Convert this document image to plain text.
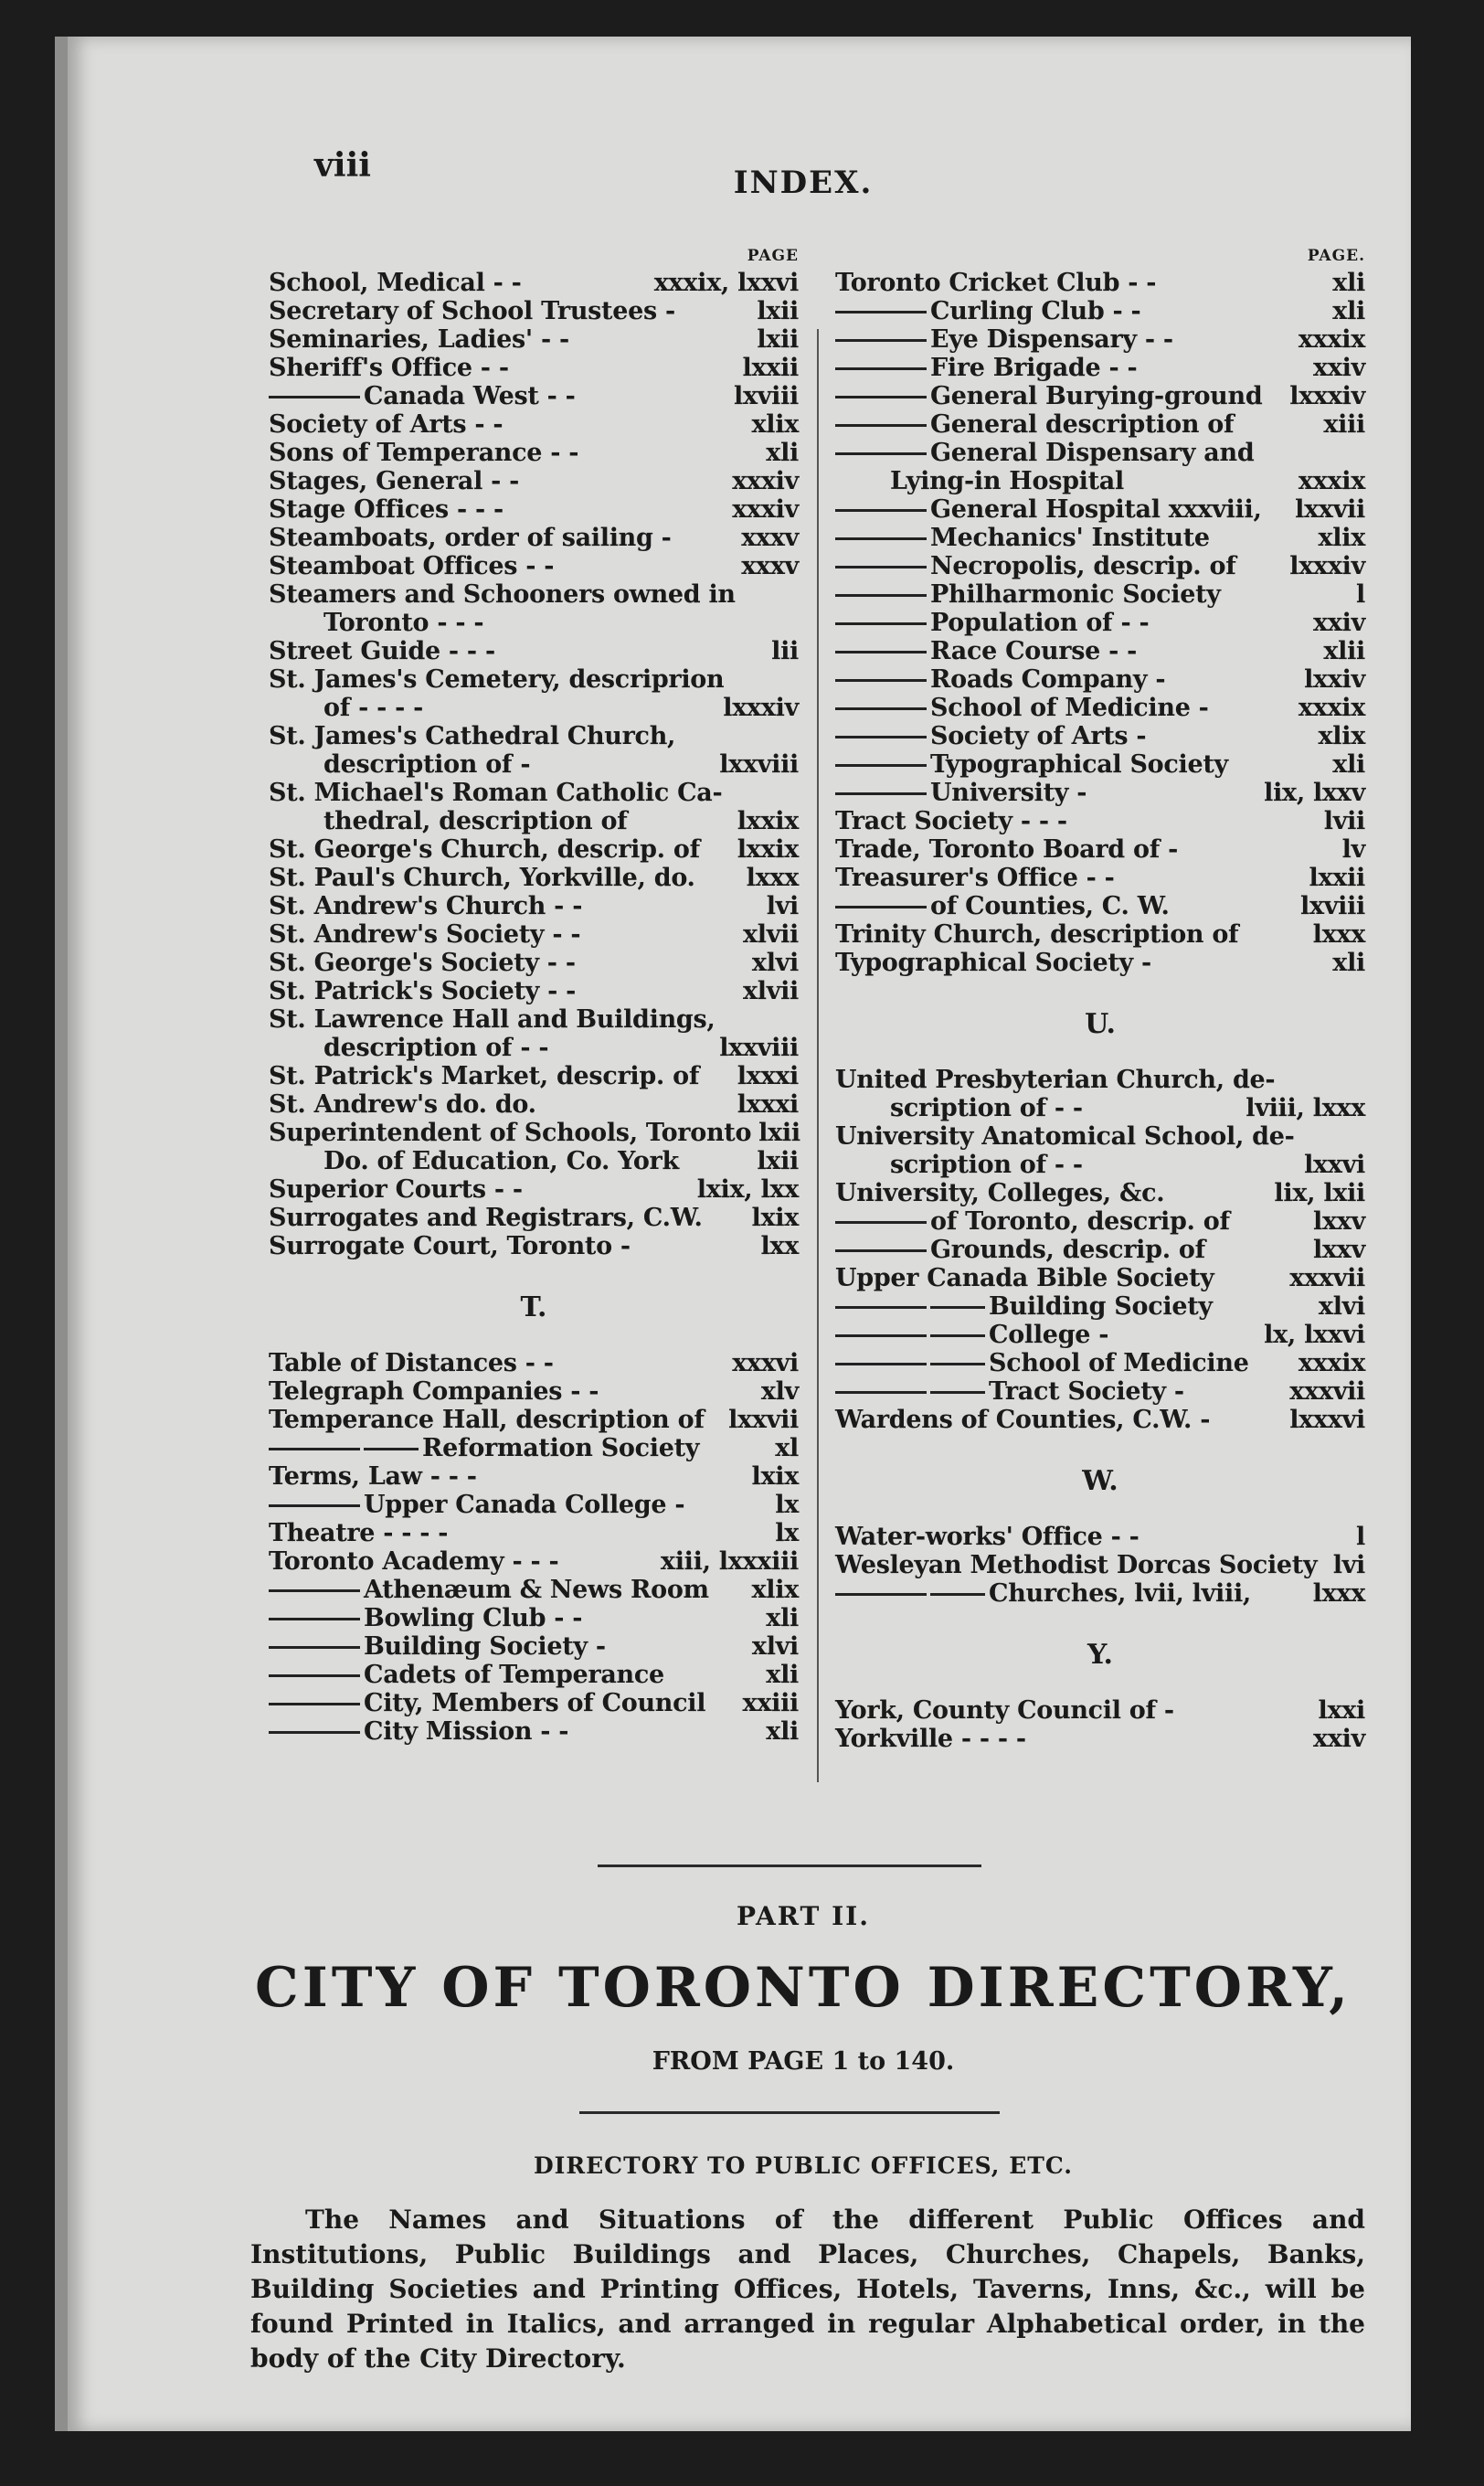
viii	INDEX.
PAGE
School, Medical - -	xxxix, lxxvi
Secretary of School Trustees -	lxii
Seminaries, Ladies' - -	lxii
Sheriff's Office - -	lxxii
Canada West - -	lxviii
Society of Arts - -	xlix
Sons of Temperance - -	xli
Stages, General - -	xxxiv
Stage Offices - - -	xxxiv
Steamboats, order of sailing -	xxxv
Steamboat Offices - -	xxxv
Steamers and Schooners owned in
Toronto - - -
Street Guide - - -	lii
St. James's Cemetery, descriprion
of - - - -	lxxxiv
St. James's Cathedral Church,
description of -	lxxviii
St. Michael's Roman Catholic Ca-
thedral, description of	lxxix
St. George's Church, descrip. of	lxxix
St. Paul's Church, Yorkville, do.	lxxx
St. Andrew's Church - -	lvi
St. Andrew's Society - -	xlvii
St. George's Society - -	xlvi
St. Patrick's Society - -	xlvii
St. Lawrence Hall and Buildings,
description of - -	lxxviii
St. Patrick's Market, descrip. of	lxxxi
St. Andrew's do. do.	lxxxi
Superintendent of Schools, Toronto lxii
Do. of Education, Co. York	lxii
Superior Courts - -	lxix, lxx
Surrogates and Registrars, C.W.	lxix
Surrogate Court, Toronto -	lxx
T.
Table of Distances - -	xxxvi
Telegraph Companies - -	xlv
Temperance Hall, description of lxxvii
Reformation Society	xl
Terms, Law - - -	lxix
Upper Canada College -	lx
Theatre - - - -	lx
Toronto Academy - - -	xiii, lxxxiii
Athenæum & News Room	xlix
Bowling Club - -	xli
Building Society -	xlvi
Cadets of Temperance	xli
City, Members of Council	xxiii
City Mission - -	xli
PAGE.
Toronto Cricket Club - -	xli
Curling Club - -	xli
Eye Dispensary - -	xxxix
Fire Brigade - -	xxiv
General Burying-ground	lxxxiv
General description of	xiii
General Dispensary and
Lying-in Hospital	xxxix
General Hospital xxxviii,	lxxvii
Mechanics' Institute	xlix
Necropolis, descrip. of	lxxxiv
Philharmonic Society	l
Population of - -	xxiv
Race Course - -	xlii
Roads Company -	lxxiv
School of Medicine -	xxxix
Society of Arts -	xlix
Typographical Society	xli
University -	lix, lxxv
Tract Society - - -	lvii
Trade, Toronto Board of -	lv
Treasurer's Office - -	lxxii
of Counties, C. W.	lxviii
Trinity Church, description of	lxxx
Typographical Society -	xli
U.
United Presbyterian Church, de-
scription of - -	lviii, lxxx
University Anatomical School, de-
scription of - -	lxxvi
University, Colleges, &c.	lix, lxii
of Toronto, descrip. of	lxxv
Grounds, descrip. of	lxxv
Upper Canada Bible Society	xxxvii
Building Society	xlvi
College -	lx, lxxvi
School of Medicine	xxxix
Tract Society -	xxxvii
Wardens of Counties, C.W. -	lxxxvi
W.
Water-works' Office - -	l
Wesleyan Methodist Dorcas Society lvi
Churches, lvii, lviii,	lxxx
Y.
York, County Council of -	lxxi
Yorkville - - - -	xxiv
PART II.
CITY OF TORONTO DIRECTORY,
FROM PAGE 1 to 140.
DIRECTORY TO PUBLIC OFFICES, ETC.
The Names and Situations of the different Public Offices and Institutions, Public Buildings and Places, Churches, Chapels, Banks, Building Societies and Printing Offices, Hotels, Taverns, Inns, &c., will be found Printed in Italics, and arranged in regular Alphabetical order, in the body of the City Directory.
